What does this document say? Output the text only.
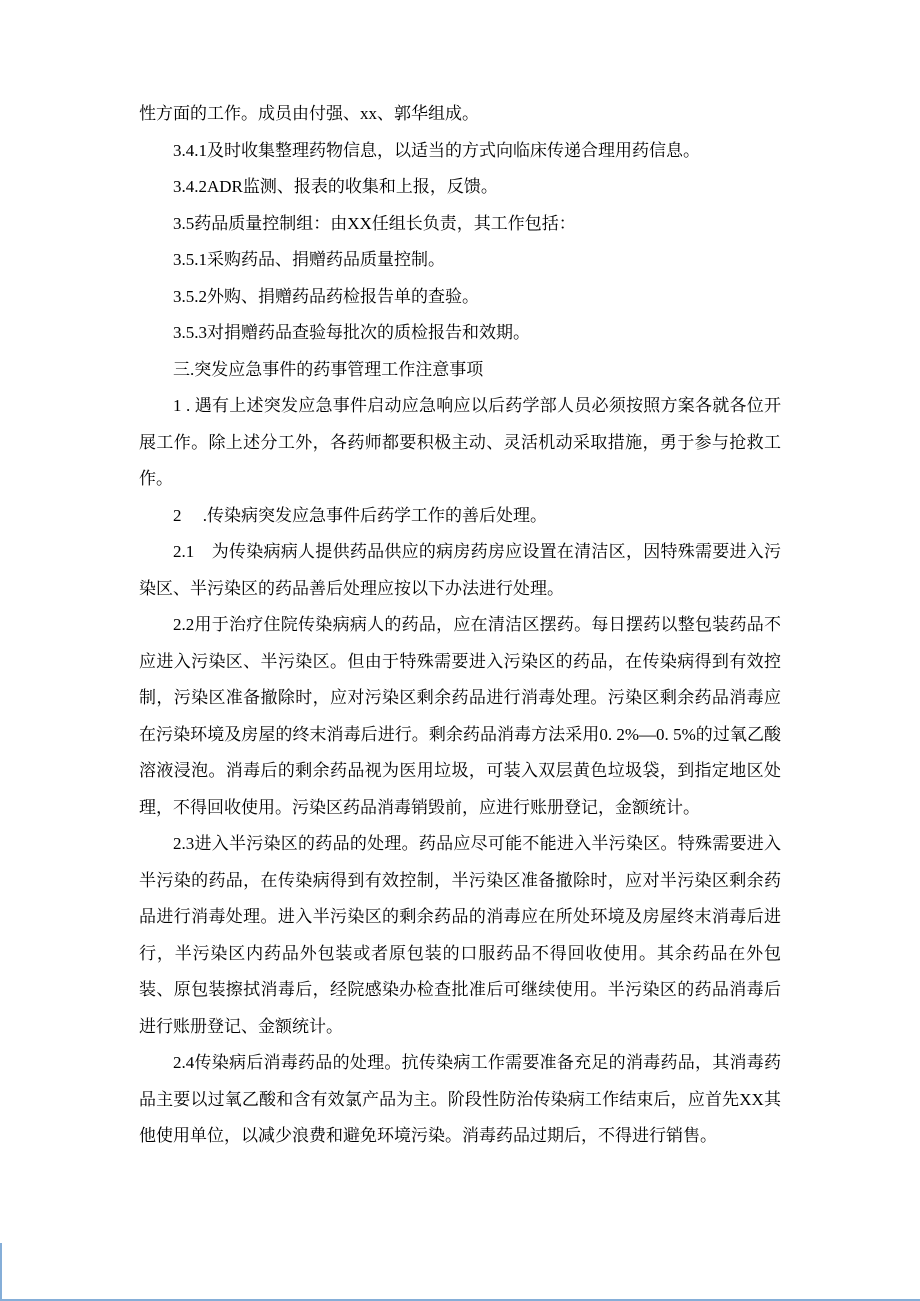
性方面的工作。成员由付强、xx、郭华组成。

3.4.1及时收集整理药物信息，以适当的方式向临床传递合理用药信息。

3.4.2ADR监测、报表的收集和上报，反馈。

3.5药品质量控制组：由XX任组长负责，其工作包括：

3.5.1采购药品、捐赠药品质量控制。

3.5.2外购、捐赠药品药检报告单的查验。

3.5.3对捐赠药品查验每批次的质检报告和效期。

三.突发应急事件的药事管理工作注意事项

1 . 遇有上述突发应急事件启动应急响应以后药学部人员必须按照方案各就各位开展工作。除上述分工外，各药师都要积极主动、灵活机动采取措施，勇于参与抢救工作。

2　 .传染病突发应急事件后药学工作的善后处理。

2.1　为传染病病人提供药品供应的病房药房应设置在清洁区，因特殊需要进入污染区、半污染区的药品善后处理应按以下办法进行处理。

2.2用于治疗住院传染病病人的药品，应在清洁区摆药。每日摆药以整包装药品不应进入污染区、半污染区。但由于特殊需要进入污染区的药品，在传染病得到有效控制，污染区准备撤除时，应对污染区剩余药品进行消毒处理。污染区剩余药品消毒应在污染环境及房屋的终末消毒后进行。剩余药品消毒方法采用0. 2%—0. 5%的过氧乙酸溶液浸泡。消毒后的剩余药品视为医用垃圾，可装入双层黄色垃圾袋，到指定地区处理，不得回收使用。污染区药品消毒销毁前，应进行账册登记，金额统计。

2.3进入半污染区的药品的处理。药品应尽可能不能进入半污染区。特殊需要进入半污染的药品，在传染病得到有效控制，半污染区准备撤除时，应对半污染区剩余药品进行消毒处理。进入半污染区的剩余药品的消毒应在所处环境及房屋终末消毒后进行，半污染区内药品外包装或者原包装的口服药品不得回收使用。其余药品在外包装、原包装擦拭消毒后，经院感染办检查批准后可继续使用。半污染区的药品消毒后进行账册登记、金额统计。

2.4传染病后消毒药品的处理。抗传染病工作需要准备充足的消毒药品，其消毒药品主要以过氧乙酸和含有效氯产品为主。阶段性防治传染病工作结束后，应首先XX其他使用单位，以减少浪费和避免环境污染。消毒药品过期后，不得进行销售。
